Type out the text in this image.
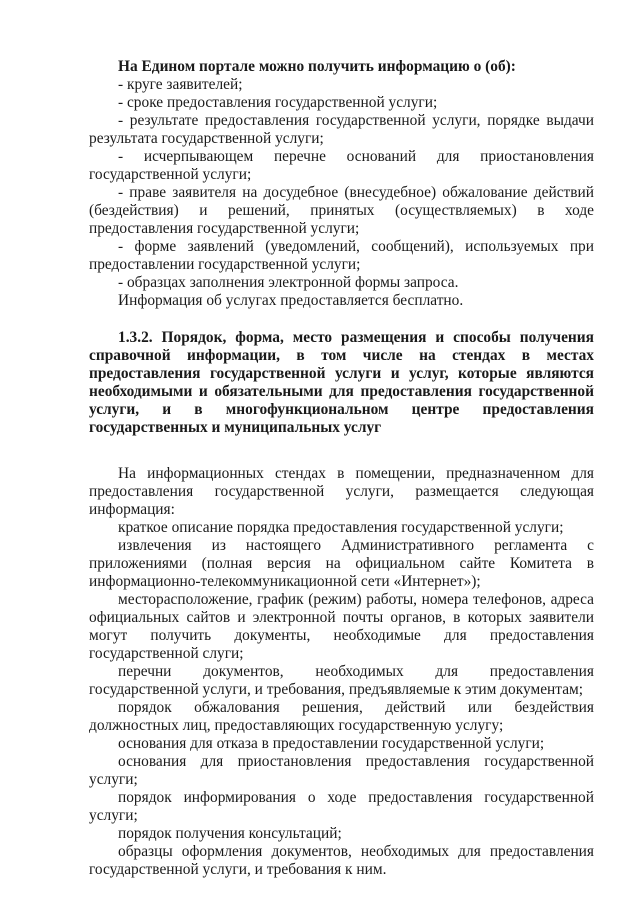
На Едином портале можно получить информацию о (об):

- круге заявителей;

- сроке предоставления государственной услуги;

- результате предоставления государственной услуги, порядке выдачи результата государственной услуги;

- исчерпывающем перечне оснований для приостановления государственной услуги;

- праве заявителя на досудебное (внесудебное) обжалование действий (бездействия) и решений, принятых (осуществляемых) в ходе предоставления государственной услуги;

- форме заявлений (уведомлений, сообщений), используемых при предоставлении государственной услуги;

- образцах заполнения электронной формы запроса.

Информация об услугах предоставляется бесплатно.

1.3.2. Порядок, форма, место размещения и способы получения справочной информации, в том числе на стендах в местах предоставления государственной услуги и услуг, которые являются необходимыми и обязательными для предоставления государственной услуги, и в многофункциональном центре предоставления государственных и муниципальных услуг

На информационных стендах в помещении, предназначенном для предоставления государственной услуги, размещается следующая информация:

краткое описание порядка предоставления государственной услуги;

извлечения из настоящего Административного регламента с приложениями (полная версия на официальном сайте Комитета в информационно-телекоммуникационной сети «Интернет»);

месторасположение, график (режим) работы, номера телефонов, адреса официальных сайтов и электронной почты органов, в которых заявители могут получить документы, необходимые для предоставления государственной слуги;

перечни документов, необходимых для предоставления государственной услуги, и требования, предъявляемые к этим документам;

порядок обжалования решения, действий или бездействия должностных лиц, предоставляющих государственную услугу;

основания для отказа в предоставлении государственной услуги;

основания для приостановления предоставления государственной услуги;

порядок информирования о ходе предоставления государственной услуги;

порядок получения консультаций;

образцы оформления документов, необходимых для предоставления государственной услуги, и требования к ним.
